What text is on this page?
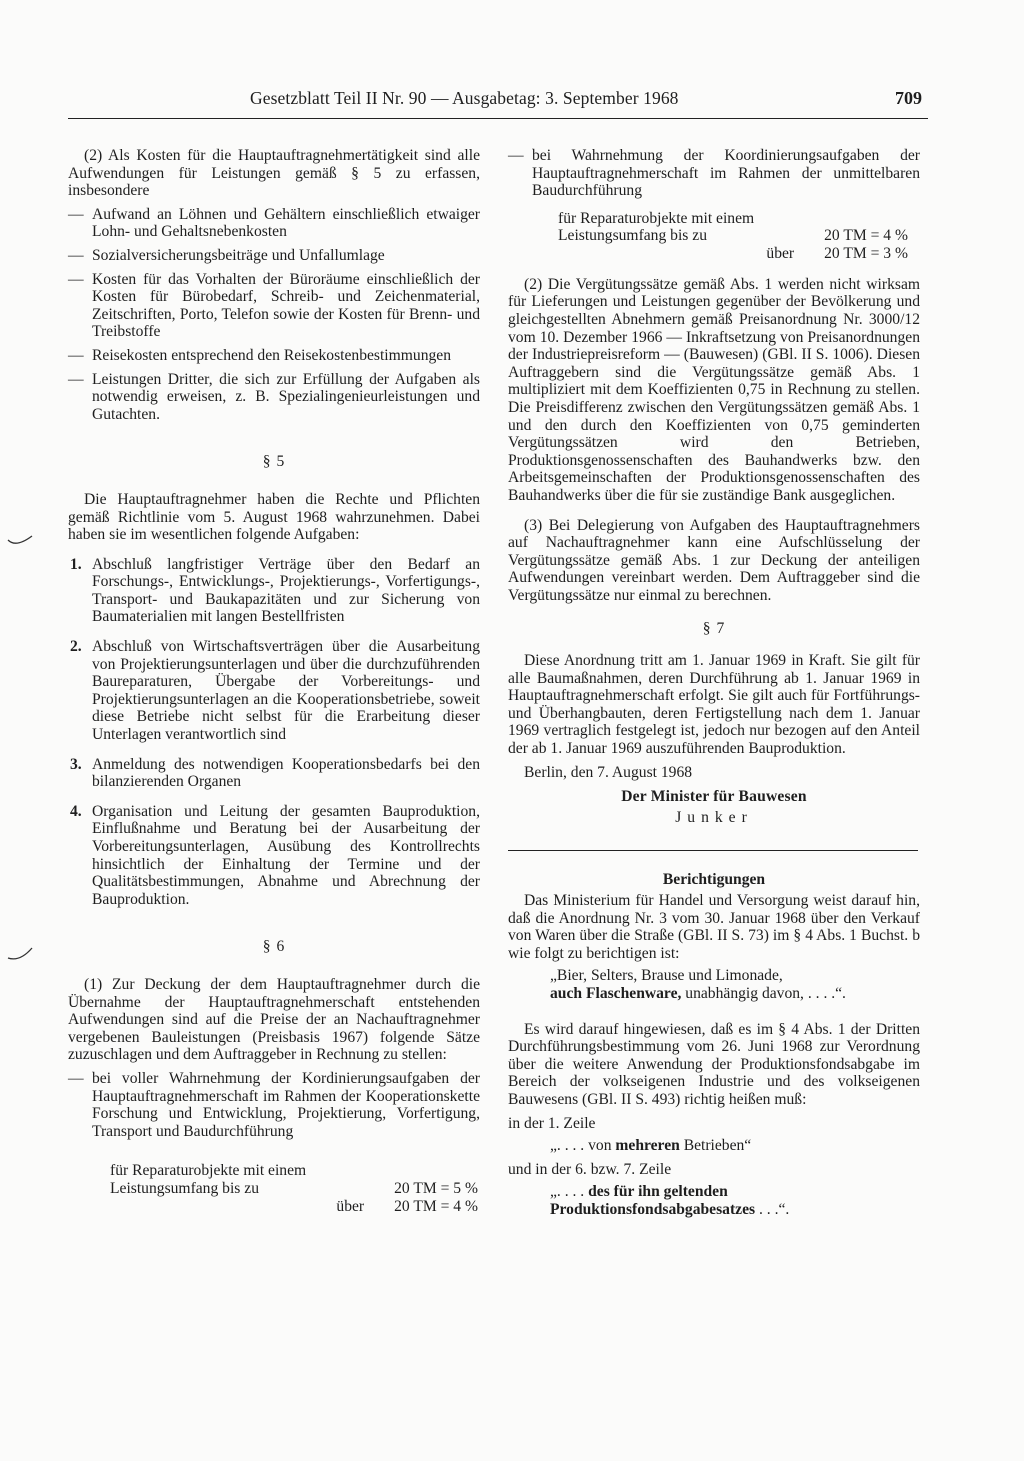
Gesetzblatt Teil II Nr. 90 — Ausgabetag: 3. September 1968	709

(2) Als Kosten für die Hauptauftragnehmertätigkeit sind alle Aufwendungen für Leistungen gemäß § 5 zu erfassen, insbesondere

— Aufwand an Löhnen und Gehältern einschließlich etwaiger Lohn- und Gehaltsnebenkosten
— Sozialversicherungsbeiträge und Unfallumlage
— Kosten für das Vorhalten der Büroräume einschließlich der Kosten für Bürobedarf, Schreib- und Zeichenmaterial, Zeitschriften, Porto, Telefon sowie der Kosten für Brenn- und Treibstoffe
— Reisekosten entsprechend den Reisekostenbestimmungen
— Leistungen Dritter, die sich zur Erfüllung der Aufgaben als notwendig erweisen, z. B. Spezialingenieurleistungen und Gutachten.

§ 5

Die Hauptauftragnehmer haben die Rechte und Pflichten gemäß Richtlinie vom 5. August 1968 wahrzunehmen. Dabei haben sie im wesentlichen folgende Aufgaben:

1. Abschluß langfristiger Verträge über den Bedarf an Forschungs-, Entwicklungs-, Projektierungs-, Vorfertigungs-, Transport- und Baukapazitäten und zur Sicherung von Baumaterialien mit langen Bestellfristen
2. Abschluß von Wirtschaftsverträgen über die Ausarbeitung von Projektierungsunterlagen und über die durchzuführenden Baureparaturen, Übergabe der Vorbereitungs- und Projektierungsunterlagen an die Kooperationsbetriebe, soweit diese Betriebe nicht selbst für die Erarbeitung dieser Unterlagen verantwortlich sind
3. Anmeldung des notwendigen Kooperationsbedarfs bei den bilanzierenden Organen
4. Organisation und Leitung der gesamten Bauproduktion, Einflußnahme und Beratung bei der Ausarbeitung der Vorbereitungsunterlagen, Ausübung des Kontrollrechts hinsichtlich der Einhaltung der Termine und der Qualitätsbestimmungen, Abnahme und Abrechnung der Bauproduktion.

§ 6

(1) Zur Deckung der dem Hauptauftragnehmer durch die Übernahme der Hauptauftragnehmerschaft entstehenden Aufwendungen sind auf die Preise der an Nachauftragnehmer vergebenen Bauleistungen (Preisbasis 1967) folgende Sätze zuzuschlagen und dem Auftraggeber in Rechnung zu stellen:

— bei voller Wahrnehmung der Kordinierungsaufgaben der Hauptauftragnehmerschaft im Rahmen der Kooperationskette Forschung und Entwicklung, Projektierung, Vorfertigung, Transport und Baudurchführung
für Reparaturobjekte mit einem
Leistungsumfang bis zu	20 TM = 5 %
über 20 TM = 4 %
— bei Wahrnehmung der Koordinierungsaufgaben der Hauptauftragnehmerschaft im Rahmen der unmittelbaren Baudurchführung
für Reparaturobjekte mit einem
Leistungsumfang bis zu	20 TM = 4 %
über 20 TM = 3 %

(2) Die Vergütungssätze gemäß Abs. 1 werden nicht wirksam für Lieferungen und Leistungen gegenüber der Bevölkerung und gleichgestellten Abnehmern gemäß Preisanordnung Nr. 3000/12 vom 10. Dezember 1966 — Inkraftsetzung von Preisanordnungen der Industriepreisreform — (Bauwesen) (GBl. II S. 1006). Diesen Auftraggebern sind die Vergütungssätze gemäß Abs. 1 multipliziert mit dem Koeffizienten 0,75 in Rechnung zu stellen. Die Preisdifferenz zwischen den Vergütungssätzen gemäß Abs. 1 und den durch den Koeffizienten von 0,75 geminderten Vergütungssätzen wird den Betrieben, Produktionsgenossenschaften des Bauhandwerks bzw. den Arbeitsgemeinschaften der Produktionsgenossenschaften des Bauhandwerks über die für sie zuständige Bank ausgeglichen.

(3) Bei Delegierung von Aufgaben des Hauptauftragnehmers auf Nachauftragnehmer kann eine Aufschlüsselung der Vergütungssätze gemäß Abs. 1 zur Deckung der anteiligen Aufwendungen vereinbart werden. Dem Auftraggeber sind die Vergütungssätze nur einmal zu berechnen.

§ 7

Diese Anordnung tritt am 1. Januar 1969 in Kraft. Sie gilt für alle Baumaßnahmen, deren Durchführung ab 1. Januar 1969 in Hauptauftragnehmerschaft erfolgt. Sie gilt auch für Fortführungs- und Überhangbauten, deren Fertigstellung nach dem 1. Januar 1969 vertraglich festgelegt ist, jedoch nur bezogen auf den Anteil der ab 1. Januar 1969 auszuführenden Bauproduktion.

Berlin, den 7. August 1968

Der Minister für Bauwesen

Junker

Berichtigungen

Das Ministerium für Handel und Versorgung weist darauf hin, daß die Anordnung Nr. 3 vom 30. Januar 1968 über den Verkauf von Waren über die Straße (GBl. II S. 73) im § 4 Abs. 1 Buchst. b wie folgt zu berichtigen ist:

„Bier, Selters, Brause und Limonade,

auch Flaschenware, unabhängig davon, . . . .“.

Es wird darauf hingewiesen, daß es im § 4 Abs. 1 der Dritten Durchführungsbestimmung vom 26. Juni 1968 zur Verordnung über die weitere Anwendung der Produktionsfondsabgabe im Bereich der volkseigenen Industrie und des volkseigenen Bauwesens (GBl. II S. 493) richtig heißen muß:

in der 1. Zeile

„. . . . von mehreren Betrieben“

und in der 6. bzw. 7. Zeile

„. . . . des für ihn geltenden Produktionsfondsabgabesatzes . . .“.
